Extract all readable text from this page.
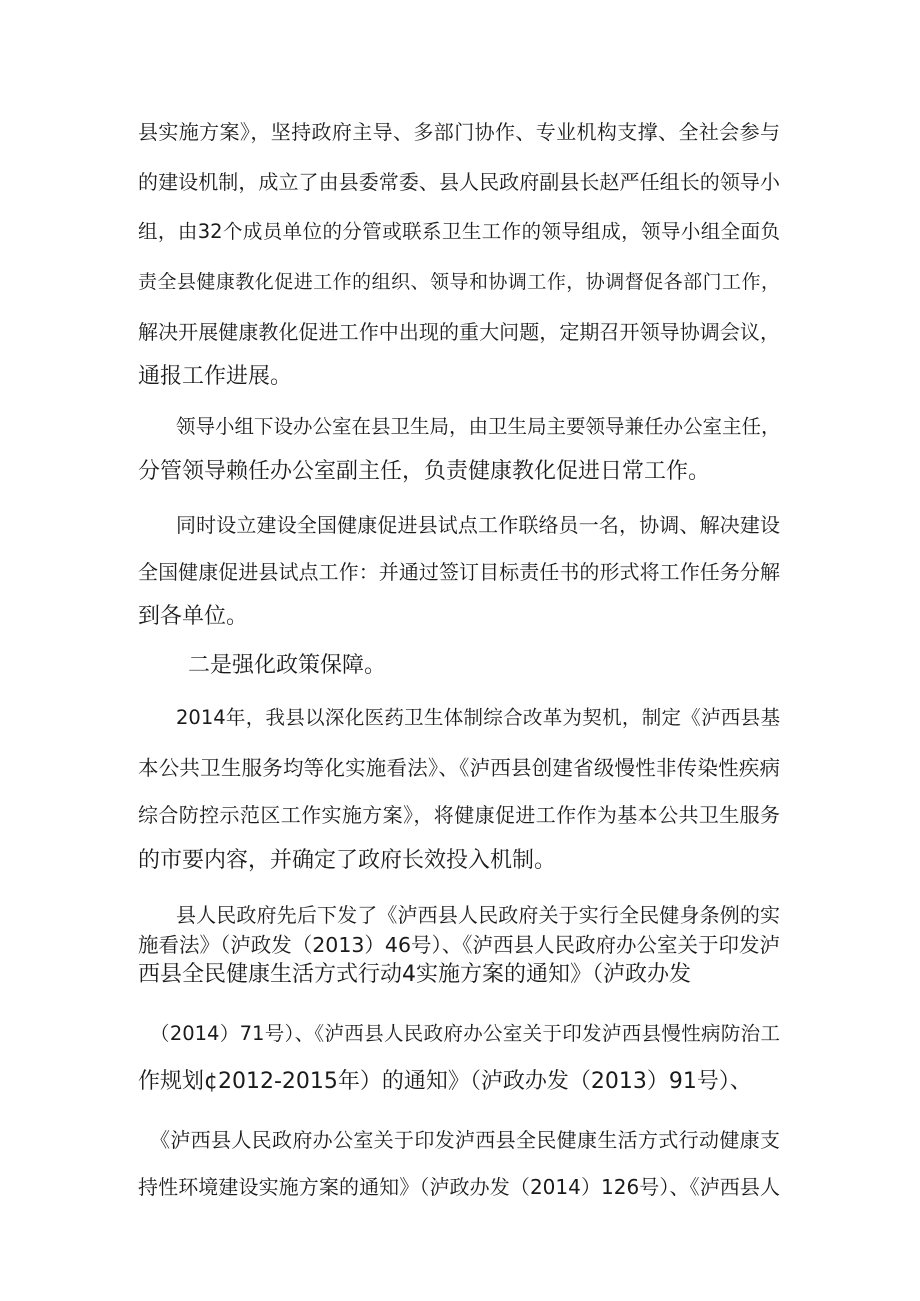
县实施方案》，坚持政府主导、多部门协作、专业机构支撑、全社会参与

的建设机制，成立了由县委常委、县人民政府副县长赵严任组长的领导小

组，由32个成员单位的分管或联系卫生工作的领导组成，领导小组全面负

责全县健康教化促进工作的组织、领导和协调工作，协调督促各部门工作，

解决开展健康教化促进工作中出现的重大问题，定期召开领导协调会议，

通报工作进展。

领导小组下设办公室在县卫生局，由卫生局主要领导兼任办公室主任，

分管领导赖任办公室副主任，负责健康教化促进日常工作。

同时设立建设全国健康促进县试点工作联络员一名，协调、解决建设

全国健康促进县试点工作：并通过签订目标责任书的形式将工作任务分解

到各单位。

二是强化政策保障。

2014年，我县以深化医药卫生体制综合改革为契机，制定《泸西县基

本公共卫生服务均等化实施看法》、《泸西县创建省级慢性非传染性疾病

综合防控示范区工作实施方案》，将健康促进工作作为基本公共卫生服务

的市要内容，并确定了政府长效投入机制。

县人民政府先后下发了《泸西县人民政府关于实行全民健身条例的实

施看法》（泸政发（2013）46号）、《泸西县人民政府办公室关于印发泸

西县全民健康生活方式行动4实施方案的通知》（泸政办发

（2014）71号）、《泸西县人民政府办公室关于印发泸西县慢性病防治工

作规划¢2012-2015年）的通知》（泸政办发（2013）91号）、

《泸西县人民政府办公室关于印发泸西县全民健康生活方式行动健康支

持性环境建设实施方案的通知》（泸政办发（2014）126号）、《泸西县人
